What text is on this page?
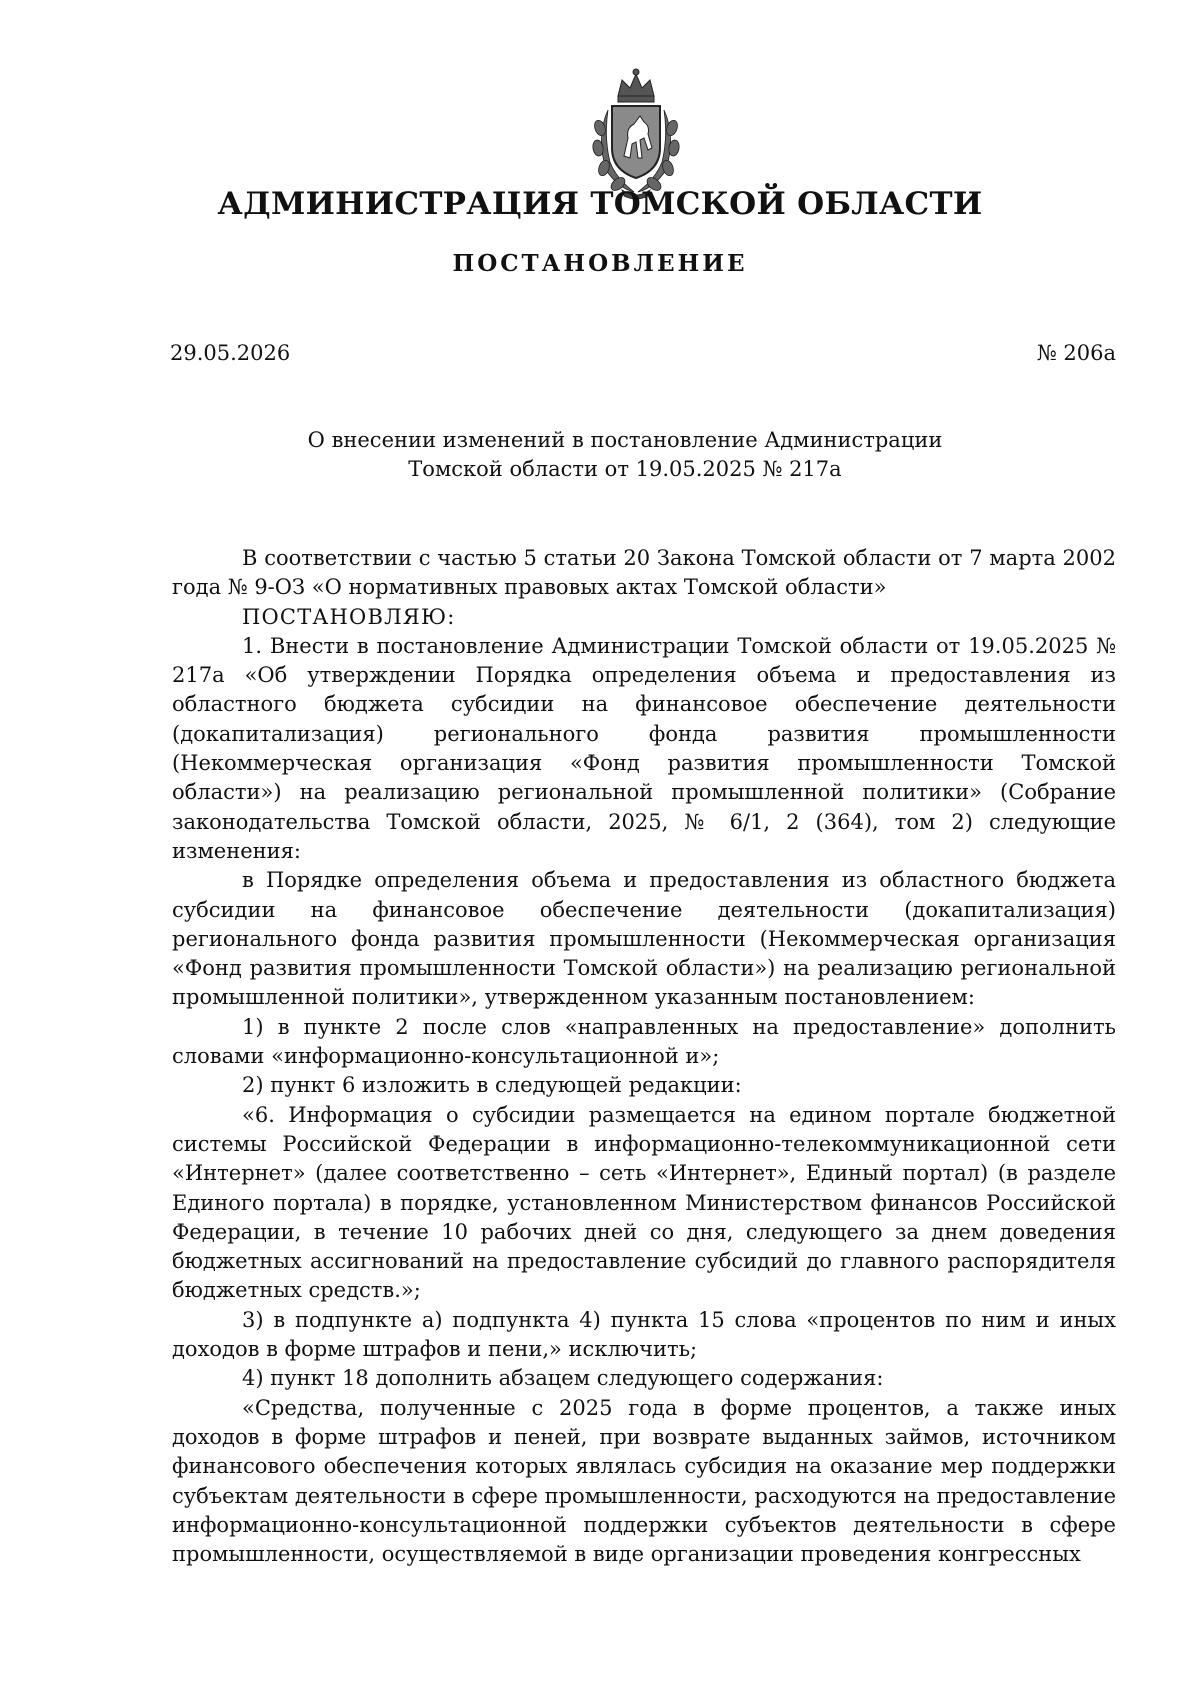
АДМИНИСТРАЦИЯ ТОМСКОЙ ОБЛАСТИ
ПОСТАНОВЛЕНИЕ
29.05.2026	№ 206а
О внесении изменений в постановление Администрации
Томской области от 19.05.2025 № 217а

В соответствии с частью 5 статьи 20 Закона Томской области от 7 марта 2002 года № 9-ОЗ «О нормативных правовых актах Томской области»

ПОСТАНОВЛЯЮ:

1. Внести в постановление Администрации Томской области от 19.05.2025 № 217а «Об утверждении Порядка определения объема и предоставления из областного бюджета субсидии на финансовое обеспечение деятельности (докапитализация) регионального фонда развития промышленности (Некоммерческая организация «Фонд развития промышленности Томской области») на реализацию региональной промышленной политики» (Собрание законодательства Томской области, 2025, № 6/1, 2 (364), том 2) следующие изменения:

в Порядке определения объема и предоставления из областного бюджета субсидии на финансовое обеспечение деятельности (докапитализация) регионального фонда развития промышленности (Некоммерческая организация «Фонд развития промышленности Томской области») на реализацию региональной промышленной политики», утвержденном указанным постановлением:

1) в пункте 2 после слов «направленных на предоставление» дополнить словами «информационно-консультационной и»;

2) пункт 6 изложить в следующей редакции:

«6. Информация о субсидии размещается на едином портале бюджетной системы Российской Федерации в информационно-телекоммуникационной сети «Интернет» (далее соответственно – сеть «Интернет», Единый портал) (в разделе Единого портала) в порядке, установленном Министерством финансов Российской Федерации, в течение 10 рабочих дней со дня, следующего за днем доведения бюджетных ассигнований на предоставление субсидий до главного распорядителя бюджетных средств.»;

3) в подпункте а) подпункта 4) пункта 15 слова «процентов по ним и иных доходов в форме штрафов и пени,» исключить;

4) пункт 18 дополнить абзацем следующего содержания:

«Средства, полученные с 2025 года в форме процентов, а также иных доходов в форме штрафов и пеней, при возврате выданных займов, источником финансового обеспечения которых являлась субсидия на оказание мер поддержки субъектам деятельности в сфере промышленности, расходуются на предоставление информационно-консультационной поддержки субъектов деятельности в сфере промышленности, осуществляемой в виде организации проведения конгрессных
